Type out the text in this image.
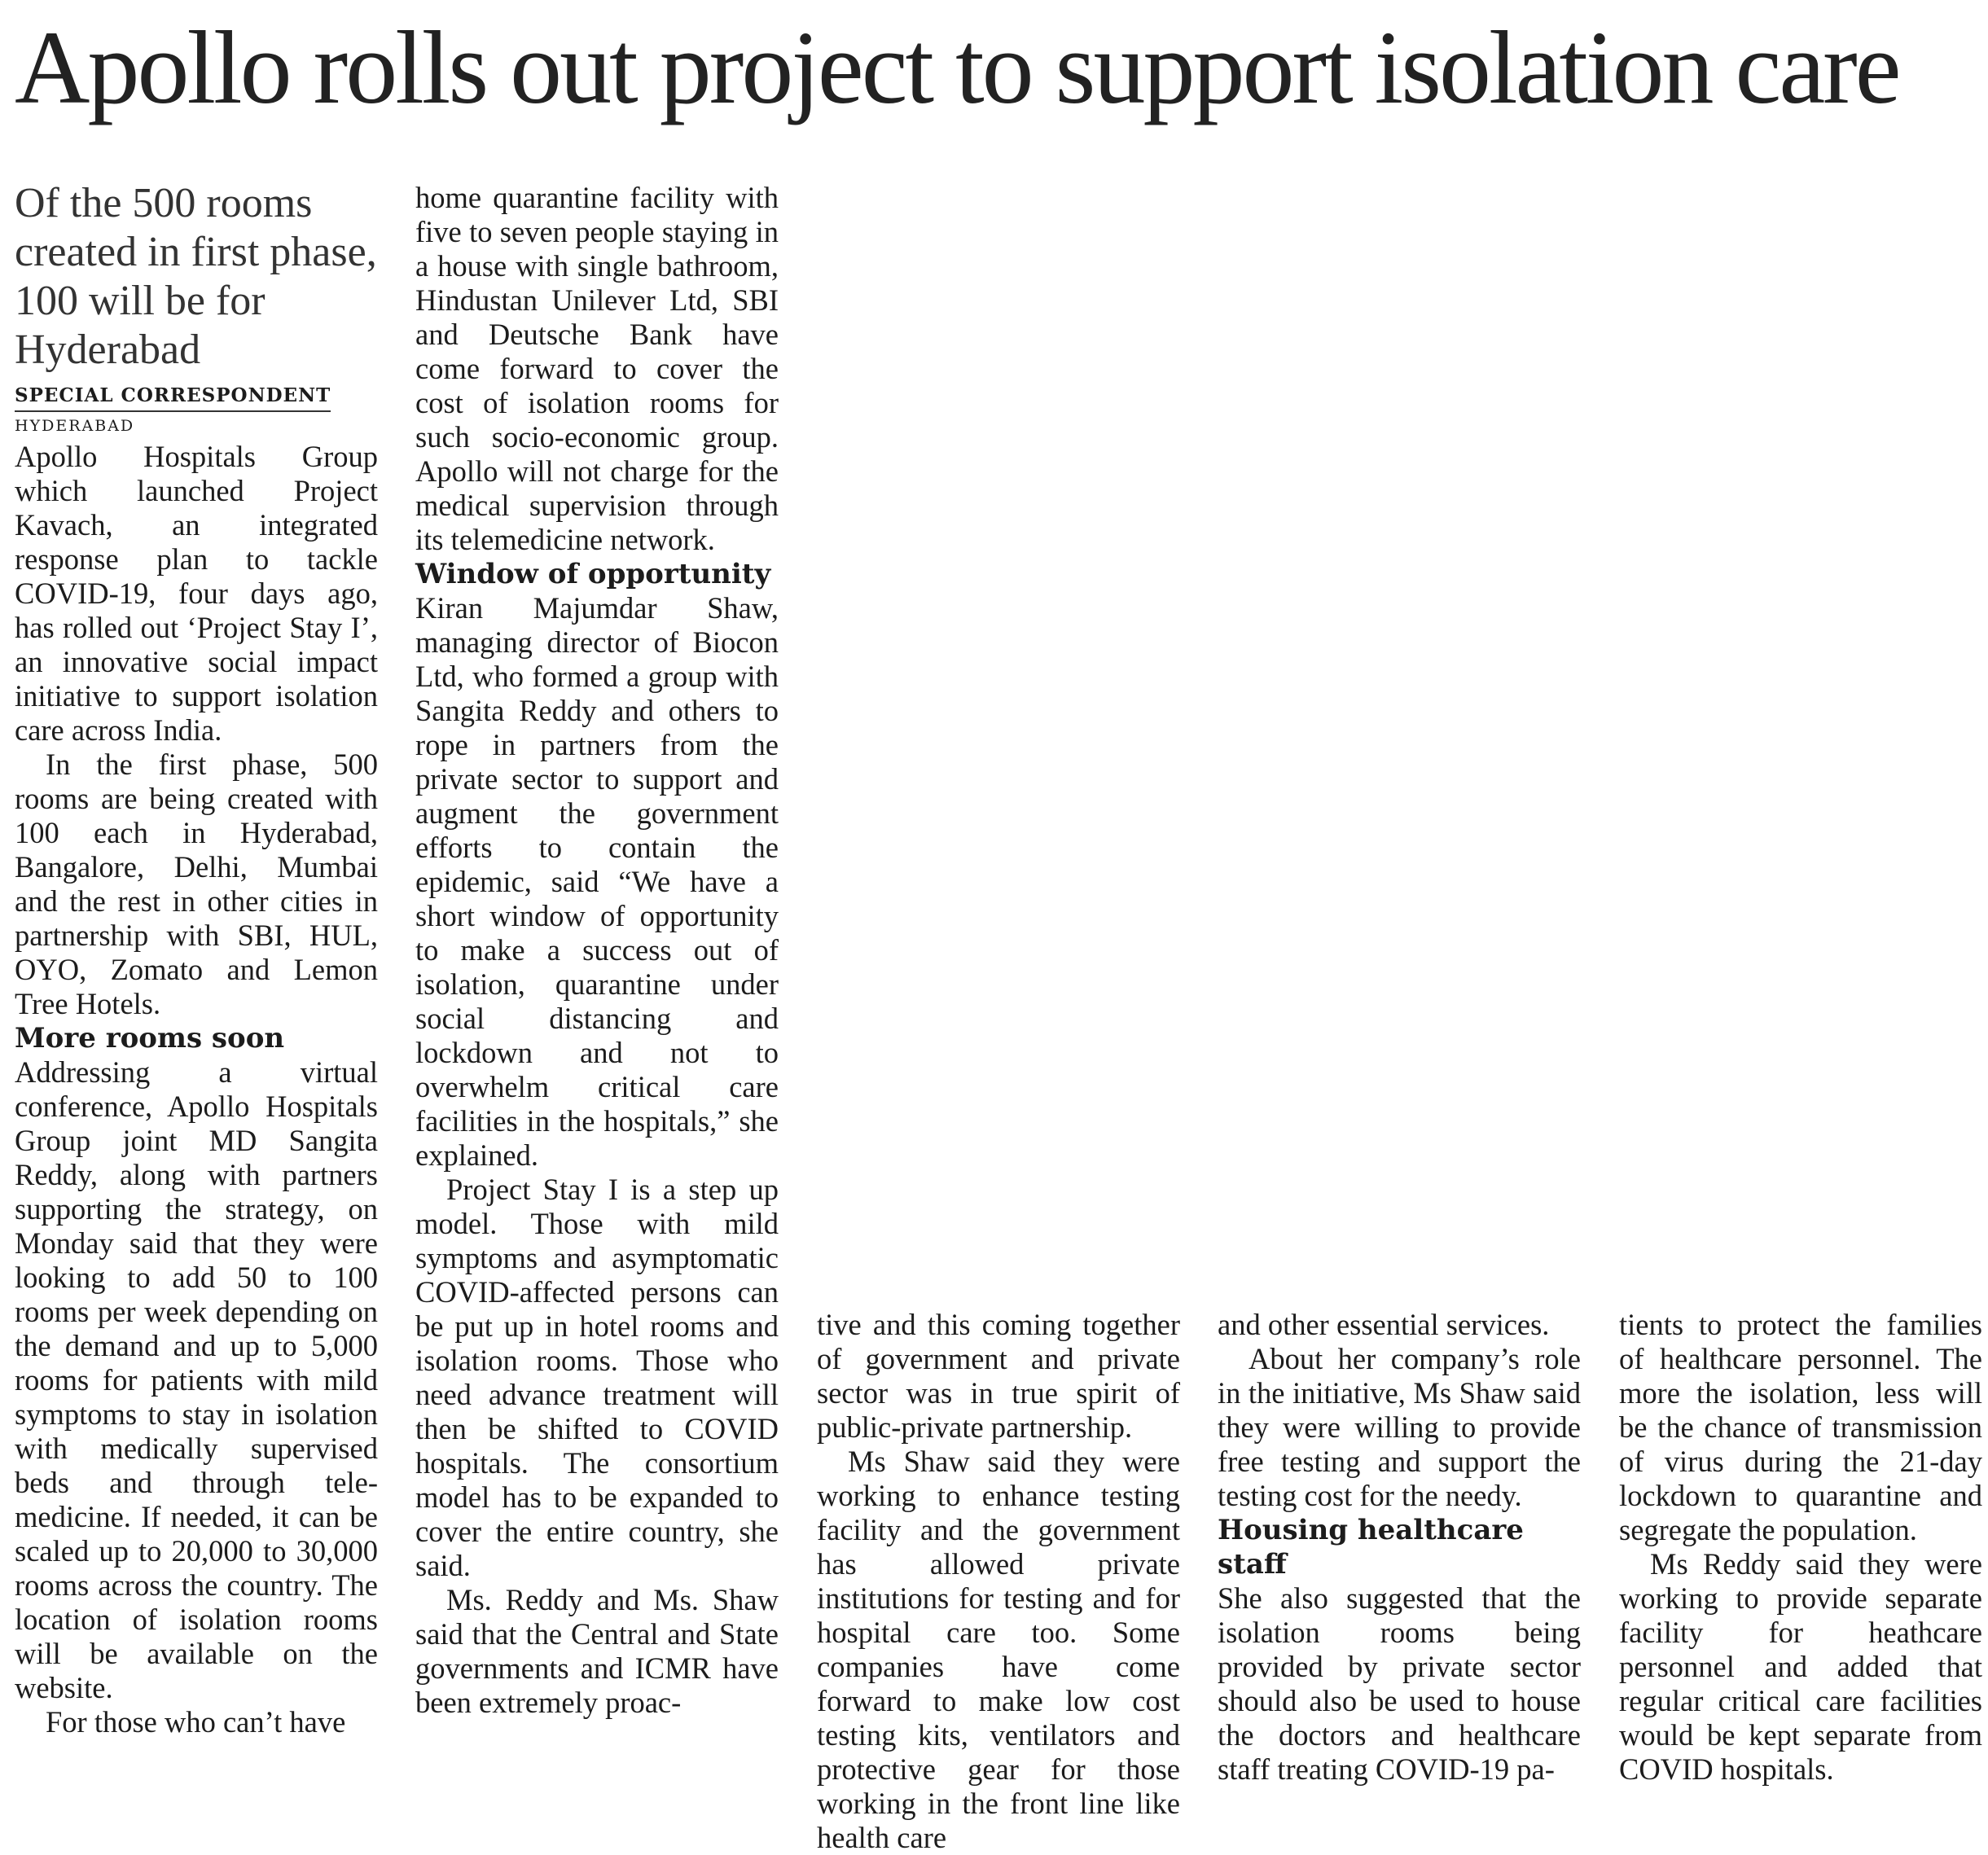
Apollo rolls out project to support isolation care

Of the 500 rooms created in first phase, 100 will be for Hyderabad

SPECIAL CORRESPONDENT

HYDERABAD

Apollo Hospitals Group which launched Project Kavach, an integrated response plan to tackle COVID-19, four days ago, has rolled out ‘Project Stay I’, an innovative social impact initiative to support isolation care across India.

In the first phase, 500 rooms are being created with 100 each in Hyderabad, Bangalore, Delhi, Mumbai and the rest in other cities in partnership with SBI, HUL, OYO, Zomato and Lemon Tree Hotels.

More rooms soon

Addressing a virtual conference, Apollo Hospitals Group joint MD Sangita Reddy, along with partners supporting the strategy, on Monday said that they were looking to add 50 to 100 rooms per week depending on the demand and up to 5,000 rooms for patients with mild symptoms to stay in isolation with medically supervised beds and through tele-medicine. If needed, it can be scaled up to 20,000 to 30,000 rooms across the country. The location of isolation rooms will be available on the website.

For those who can’t have

home quarantine facility with five to seven people staying in a house with single bathroom, Hindustan Unilever Ltd, SBI and Deutsche Bank have come forward to cover the cost of isolation rooms for such socio-economic group. Apollo will not charge for the medical supervision through its telemedicine network.

Window of opportunity

Kiran Majumdar Shaw, managing director of Biocon Ltd, who formed a group with Sangita Reddy and others to rope in partners from the private sector to support and augment the government efforts to contain the epidemic, said “We have a short window of opportunity to make a success out of isolation, quarantine under social distancing and lockdown and not to overwhelm critical care facilities in the hospitals,” she explained.

Project Stay I is a step up model. Those with mild symptoms and asymptomatic COVID-affected persons can be put up in hotel rooms and isolation rooms. Those who need advance treatment will then be shifted to COVID hospitals. The consortium model has to be expanded to cover the entire country, she said.

Ms. Reddy and Ms. Shaw said that the Central and State governments and ICMR have been extremely proac-

tive and this coming together of government and private sector was in true spirit of public-private partnership.

Ms Shaw said they were working to enhance testing facility and the government has allowed private institutions for testing and for hospital care too. Some companies have come forward to make low cost testing kits, ventilators and protective gear for those working in the front line like health care

and other essential services.

About her company’s role in the initiative, Ms Shaw said they were willing to provide free testing and support the testing cost for the needy.

Housing healthcare staff

She also suggested that the isolation rooms being provided by private sector should also be used to house the doctors and healthcare staff treating COVID-19 pa-

tients to protect the families of healthcare personnel. The more the isolation, less will be the chance of transmission of virus during the 21-day lockdown to quarantine and segregate the population.

Ms Reddy said they were working to provide separate facility for heathcare personnel and added that regular critical care facilities would be kept separate from COVID hospitals.
